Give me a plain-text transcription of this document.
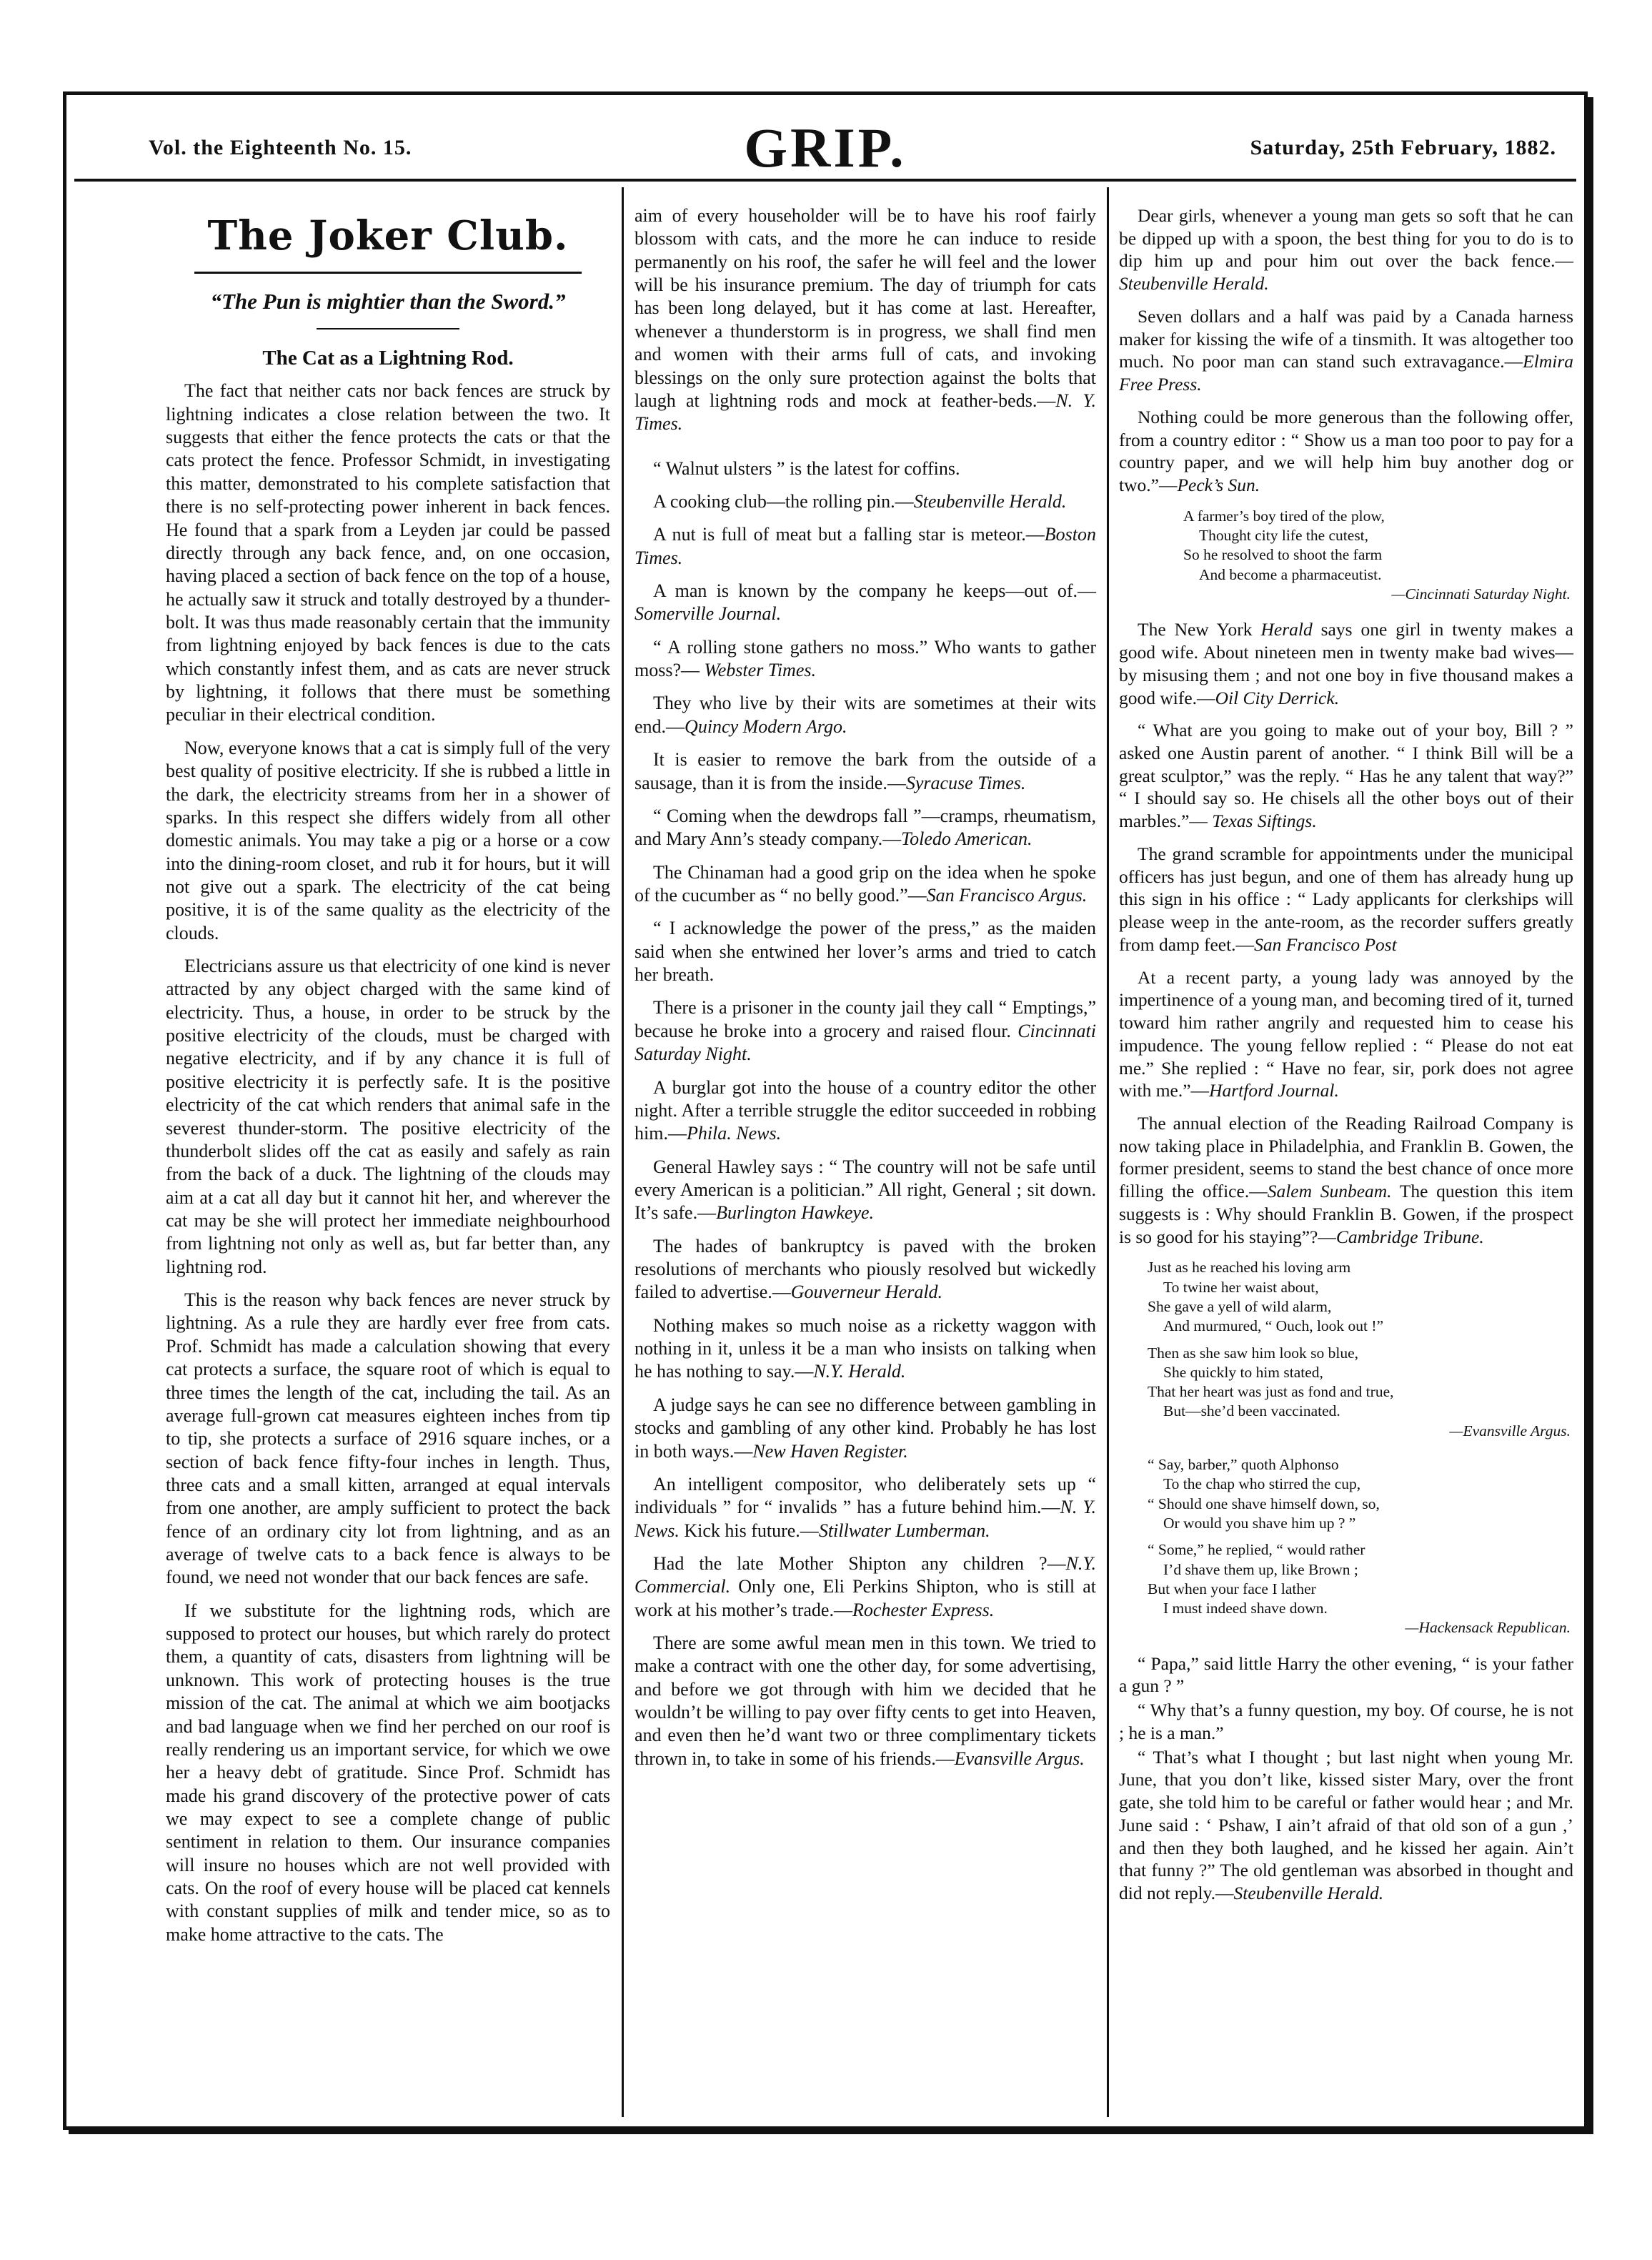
Vol. the Eighteenth No. 15.	GRIP.	Saturday, 25th February, 1882.
The Joker Club.
“The Pun is mightier than the Sword.”
The Cat as a Lightning Rod.

The fact that neither cats nor back fences are struck by lightning indicates a close relation between the two. It suggests that either the fence protects the cats or that the cats protect the fence. Professor Schmidt, in investigating this matter, demonstrated to his complete satisfaction that there is no self-protecting power inherent in back fences. He found that a spark from a Leyden jar could be passed directly through any back fence, and, on one occasion, having placed a section of back fence on the top of a house, he actually saw it struck and totally destroyed by a thunder-bolt. It was thus made reasonably certain that the immunity from lightning enjoyed by back fences is due to the cats which constantly infest them, and as cats are never struck by lightning, it follows that there must be something peculiar in their electrical condition.

Now, everyone knows that a cat is simply full of the very best quality of positive electricity. If she is rubbed a little in the dark, the electricity streams from her in a shower of sparks. In this respect she differs widely from all other domestic animals. You may take a pig or a horse or a cow into the dining-room closet, and rub it for hours, but it will not give out a spark. The electricity of the cat being positive, it is of the same quality as the electricity of the clouds.

Electricians assure us that electricity of one kind is never attracted by any object charged with the same kind of electricity. Thus, a house, in order to be struck by the positive electricity of the clouds, must be charged with negative electricity, and if by any chance it is full of positive electricity it is perfectly safe. It is the positive electricity of the cat which renders that animal safe in the severest thunder-storm. The positive electricity of the thunderbolt slides off the cat as easily and safely as rain from the back of a duck. The lightning of the clouds may aim at a cat all day but it cannot hit her, and wherever the cat may be she will protect her immediate neighbourhood from lightning not only as well as, but far better than, any lightning rod.

This is the reason why back fences are never struck by lightning. As a rule they are hardly ever free from cats. Prof. Schmidt has made a calculation showing that every cat protects a surface, the square root of which is equal to three times the length of the cat, including the tail. As an average full-grown cat measures eighteen inches from tip to tip, she protects a surface of 2916 square inches, or a section of back fence fifty-four inches in length. Thus, three cats and a small kitten, arranged at equal intervals from one another, are amply sufficient to protect the back fence of an ordinary city lot from lightning, and as an average of twelve cats to a back fence is always to be found, we need not wonder that our back fences are safe.

If we substitute for the lightning rods, which are supposed to protect our houses, but which rarely do protect them, a quantity of cats, disasters from lightning will be unknown. This work of protecting houses is the true mission of the cat. The animal at which we aim bootjacks and bad language when we find her perched on our roof is really rendering us an important service, for which we owe her a heavy debt of gratitude. Since Prof. Schmidt has made his grand discovery of the protective power of cats we may expect to see a complete change of public sentiment in relation to them. Our insurance companies will insure no houses which are not well provided with cats. On the roof of every house will be placed cat kennels with constant supplies of milk and tender mice, so as to make home attractive to the cats. The

aim of every householder will be to have his roof fairly blossom with cats, and the more he can induce to reside permanently on his roof, the safer he will feel and the lower will be his insurance premium. The day of triumph for cats has been long delayed, but it has come at last. Hereafter, whenever a thunderstorm is in progress, we shall find men and women with their arms full of cats, and invoking blessings on the only sure protection against the bolts that laugh at lightning rods and mock at feather-beds.—N. Y. Times.

“ Walnut ulsters ” is the latest for coffins.

A cooking club—the rolling pin.—Steubenville Herald.

A nut is full of meat but a falling star is meteor.—Boston Times.

A man is known by the company he keeps—out of.—Somerville Journal.

“ A rolling stone gathers no moss.” Who wants to gather moss?— Webster Times.

They who live by their wits are sometimes at their wits end.—Quincy Modern Argo.

It is easier to remove the bark from the outside of a sausage, than it is from the inside.—Syracuse Times.

“ Coming when the dewdrops fall ”—cramps, rheumatism, and Mary Ann’s steady company.—Toledo American.

The Chinaman had a good grip on the idea when he spoke of the cucumber as “ no belly good.”—San Francisco Argus.

“ I acknowledge the power of the press,” as the maiden said when she entwined her lover’s arms and tried to catch her breath.

There is a prisoner in the county jail they call “ Emptings,” because he broke into a grocery and raised flour. Cincinnati Saturday Night.

A burglar got into the house of a country editor the other night. After a terrible struggle the editor succeeded in robbing him.—Phila. News.

General Hawley says : “ The country will not be safe until every American is a politician.” All right, General ; sit down. It’s safe.—Burlington Hawkeye.

The hades of bankruptcy is paved with the broken resolutions of merchants who piously resolved but wickedly failed to advertise.—Gouverneur Herald.

Nothing makes so much noise as a ricketty waggon with nothing in it, unless it be a man who insists on talking when he has nothing to say.—N.Y. Herald.

A judge says he can see no difference between gambling in stocks and gambling of any other kind. Probably he has lost in both ways.—New Haven Register.

An intelligent compositor, who deliberately sets up “ individuals ” for “ invalids ” has a future behind him.—N. Y. News. Kick his future.—Stillwater Lumberman.

Had the late Mother Shipton any children ?—N.Y. Commercial. Only one, Eli Perkins Shipton, who is still at work at his mother’s trade.—Rochester Express.

There are some awful mean men in this town. We tried to make a contract with one the other day, for some advertising, and before we got through with him we decided that he wouldn’t be willing to pay over fifty cents to get into Heaven, and even then he’d want two or three complimentary tickets thrown in, to take in some of his friends.—Evansville Argus.

Dear girls, whenever a young man gets so soft that he can be dipped up with a spoon, the best thing for you to do is to dip him up and pour him out over the back fence.—Steubenville Herald.

Seven dollars and a half was paid by a Canada harness maker for kissing the wife of a tinsmith. It was altogether too much. No poor man can stand such extravagance.—Elmira Free Press.

Nothing could be more generous than the following offer, from a country editor : “ Show us a man too poor to pay for a country paper, and we will help him buy another dog or two.”—Peck’s Sun.

A farmer’s boy tired of the plow,
Thought city life the cutest,
So he resolved to shoot the farm
And become a pharmaceutist.
—Cincinnati Saturday Night.

The New York Herald says one girl in twenty makes a good wife. About nineteen men in twenty make bad wives—by misusing them ; and not one boy in five thousand makes a good wife.—Oil City Derrick.

“ What are you going to make out of your boy, Bill ? ” asked one Austin parent of another. “ I think Bill will be a great sculptor,” was the reply. “ Has he any talent that way?” “ I should say so. He chisels all the other boys out of their marbles.”— Texas Siftings.

The grand scramble for appointments under the municipal officers has just begun, and one of them has already hung up this sign in his office : “ Lady applicants for clerkships will please weep in the ante-room, as the recorder suffers greatly from damp feet.—San Francisco Post

At a recent party, a young lady was annoyed by the impertinence of a young man, and becoming tired of it, turned toward him rather angrily and requested him to cease his impudence. The young fellow replied : “ Please do not eat me.” She replied : “ Have no fear, sir, pork does not agree with me.”—Hartford Journal.

The annual election of the Reading Railroad Company is now taking place in Philadelphia, and Franklin B. Gowen, the former president, seems to stand the best chance of once more filling the office.—Salem Sunbeam. The question this item suggests is : Why should Franklin B. Gowen, if the prospect is so good for his staying”?—Cambridge Tribune.

Just as he reached his loving arm
To twine her waist about,
She gave a yell of wild alarm,
And murmured, “ Ouch, look out !”
Then as she saw him look so blue,
She quickly to him stated,
That her heart was just as fond and true,
But—she’d been vaccinated.
—Evansville Argus.
“ Say, barber,” quoth Alphonso
To the chap who stirred the cup,
“ Should one shave himself down, so,
Or would you shave him up ? ”
“ Some,” he replied, “ would rather
I’d shave them up, like Brown ;
But when your face I lather
I must indeed shave down.
—Hackensack Republican.

“ Papa,” said little Harry the other evening, “ is your father a gun ? ”

“ Why that’s a funny question, my boy. Of course, he is not ; he is a man.”

“ That’s what I thought ; but last night when young Mr. June, that you don’t like, kissed sister Mary, over the front gate, she told him to be careful or father would hear ; and Mr. June said : ‘ Pshaw, I ain’t afraid of that old son of a gun ,’ and then they both laughed, and he kissed her again. Ain’t that funny ?” The old gentleman was absorbed in thought and did not reply.—Steubenville Herald.
